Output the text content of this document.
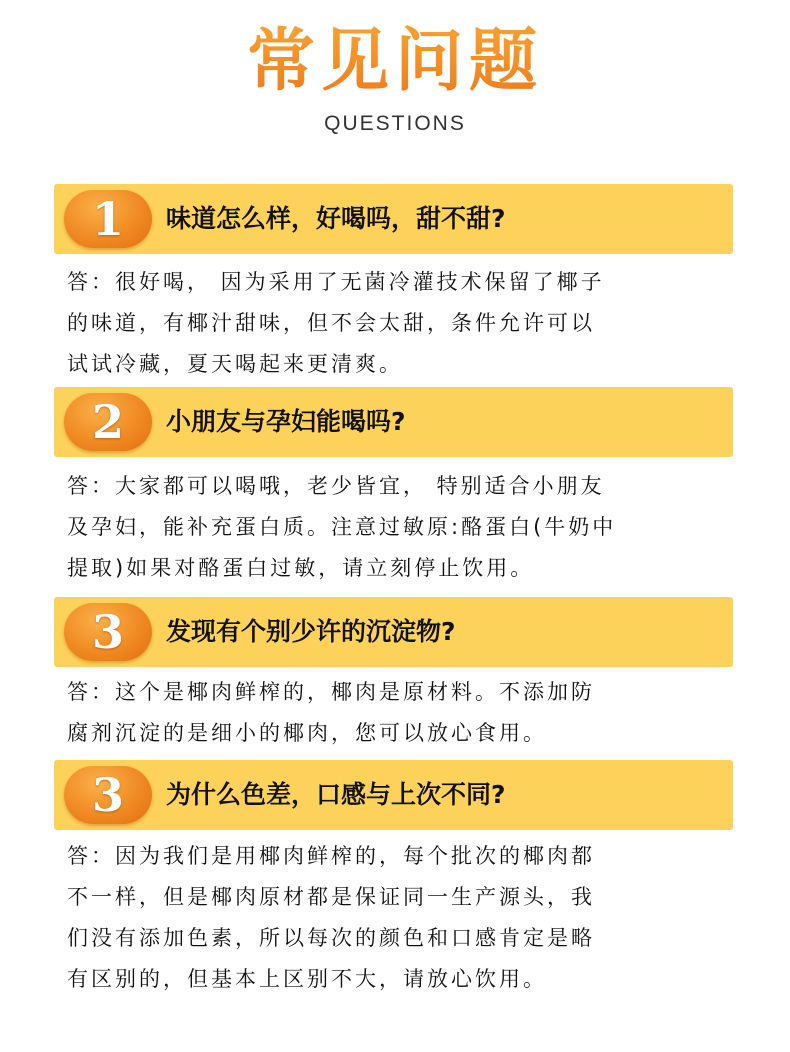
常见问题
QUESTIONS
1	味道怎么样，好喝吗，甜不甜?
答：很好喝， 因为采用了无菌冷灌技术保留了椰子
的味道，有椰汁甜味，但不会太甜，条件允许可以
试试冷藏，夏天喝起来更清爽。
2	小朋友与孕妇能喝吗?
答：大家都可以喝哦，老少皆宜， 特别适合小朋友
及孕妇，能补充蛋白质。注意过敏原:酪蛋白(牛奶中
提取)如果对酪蛋白过敏，请立刻停止饮用。
3	发现有个别少许的沉淀物?
答：这个是椰肉鲜榨的，椰肉是原材料。不添加防
腐剂沉淀的是细小的椰肉，您可以放心食用。
3	为什么色差，口感与上次不同?
答：因为我们是用椰肉鲜榨的，每个批次的椰肉都
不一样，但是椰肉原材都是保证同一生产源头，我
们没有添加色素，所以每次的颜色和口感肯定是略
有区别的，但基本上区别不大，请放心饮用。
